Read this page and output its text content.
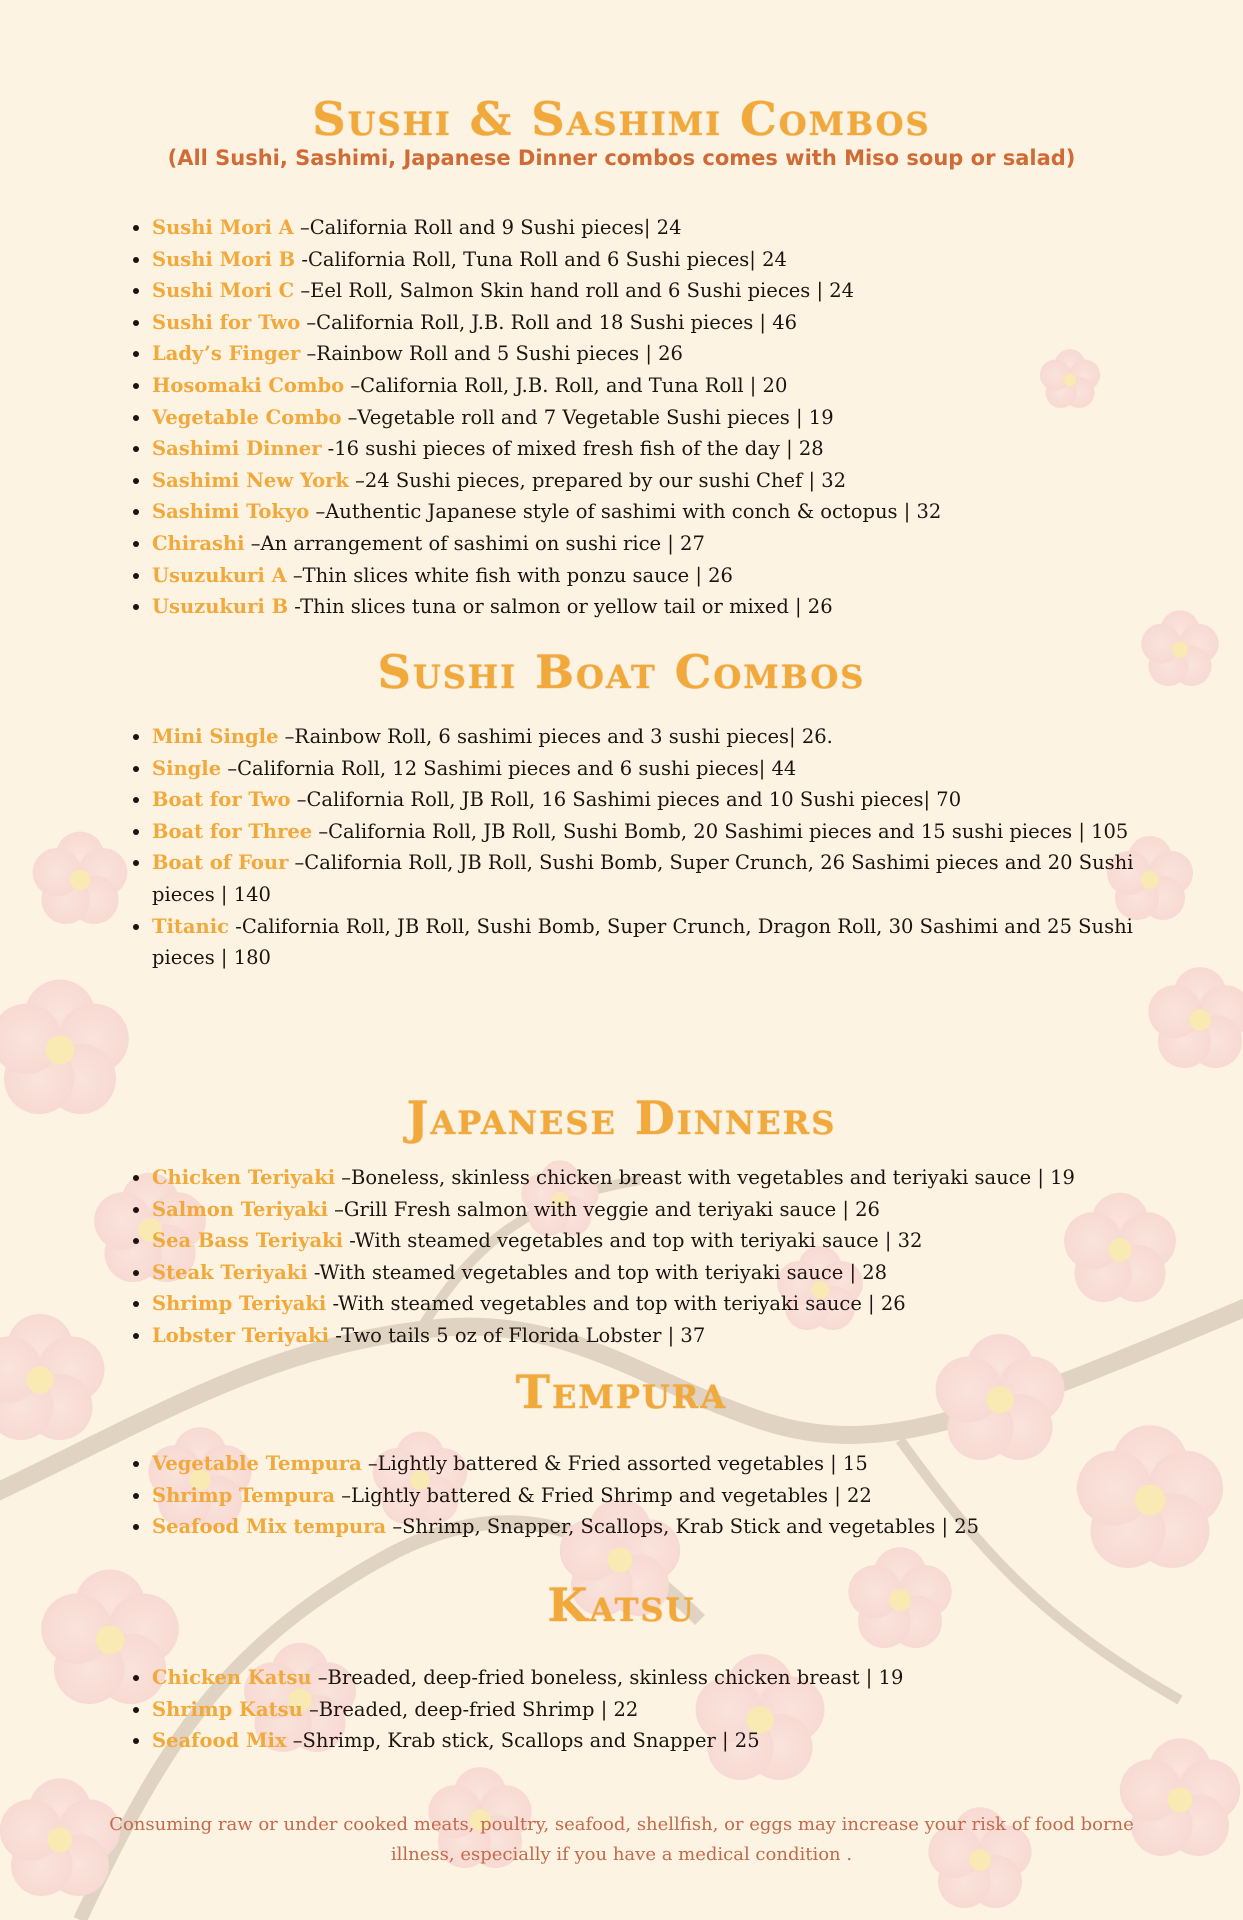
Sushi & Sashimi Combos

(All Sushi, Sashimi, Japanese Dinner combos comes with Miso soup or salad)

• Sushi Mori A –California Roll and 9 Sushi pieces| 24
• Sushi Mori B -California Roll, Tuna Roll and 6 Sushi pieces| 24
• Sushi Mori C –Eel Roll, Salmon Skin hand roll and 6 Sushi pieces | 24
• Sushi for Two –California Roll, J.B. Roll and 18 Sushi pieces | 46
• Lady’s Finger –Rainbow Roll and 5 Sushi pieces | 26
• Hosomaki Combo –California Roll, J.B. Roll, and Tuna Roll | 20
• Vegetable Combo –Vegetable roll and 7 Vegetable Sushi pieces | 19
• Sashimi Dinner -16 sushi pieces of mixed fresh fish of the day | 28
• Sashimi New York –24 Sushi pieces, prepared by our sushi Chef | 32
• Sashimi Tokyo –Authentic Japanese style of sashimi with conch & octopus | 32
• Chirashi –An arrangement of sashimi on sushi rice | 27
• Usuzukuri A –Thin slices white fish with ponzu sauce | 26
• Usuzukuri B -Thin slices tuna or salmon or yellow tail or mixed | 26
Sushi Boat Combos
• Mini Single –Rainbow Roll, 6 sashimi pieces and 3 sushi pieces| 26.
• Single –California Roll, 12 Sashimi pieces and 6 sushi pieces| 44
• Boat for Two –California Roll, JB Roll, 16 Sashimi pieces and 10 Sushi pieces| 70
• Boat for Three –California Roll, JB Roll, Sushi Bomb, 20 Sashimi pieces and 15 sushi pieces | 105
• Boat of Four –California Roll, JB Roll, Sushi Bomb, Super Crunch, 26 Sashimi pieces and 20 Sushi
pieces | 140
• Titanic -California Roll, JB Roll, Sushi Bomb, Super Crunch, Dragon Roll, 30 Sashimi and 25 Sushi
pieces | 180
Japanese Dinners
• Chicken Teriyaki –Boneless, skinless chicken breast with vegetables and teriyaki sauce | 19
• Salmon Teriyaki –Grill Fresh salmon with veggie and teriyaki sauce | 26
• Sea Bass Teriyaki -With steamed vegetables and top with teriyaki sauce | 32
• Steak Teriyaki -With steamed vegetables and top with teriyaki sauce | 28
• Shrimp Teriyaki -With steamed vegetables and top with teriyaki sauce | 26
• Lobster Teriyaki -Two tails 5 oz of Florida Lobster | 37
Tempura
• Vegetable Tempura –Lightly battered & Fried assorted vegetables | 15
• Shrimp Tempura –Lightly battered & Fried Shrimp and vegetables | 22
• Seafood Mix tempura –Shrimp, Snapper, Scallops, Krab Stick and vegetables | 25
Katsu
• Chicken Katsu –Breaded, deep-fried boneless, skinless chicken breast | 19
• Shrimp Katsu –Breaded, deep-fried Shrimp | 22
• Seafood Mix –Shrimp, Krab stick, Scallops and Snapper | 25

Consuming raw or under cooked meats, poultry, seafood, shellfish, or eggs may increase your risk of food borne illness, especially if you have a medical condition .
